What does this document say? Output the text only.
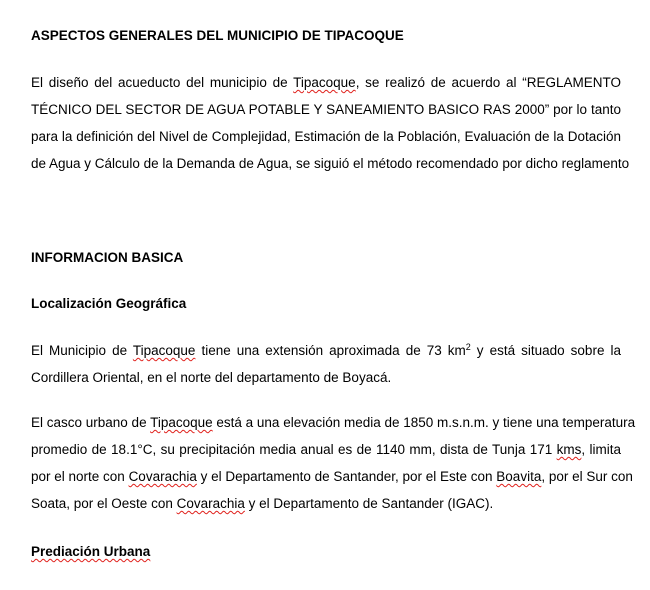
ASPECTOS GENERALES DEL MUNICIPIO DE TIPACOQUE
El diseño del acueducto del municipio de Tipacoque, se realizó de acuerdo al “REGLAMENTO
TÉCNICO DEL SECTOR DE AGUA POTABLE Y SANEAMIENTO BASICO RAS 2000” por lo tanto
para la definición del Nivel de Complejidad, Estimación de la Población, Evaluación de la Dotación
de Agua y Cálculo de la Demanda de Agua, se siguió el método recomendado por dicho reglamento
INFORMACION BASICA
Localización Geográfica
El Municipio de Tipacoque tiene una extensión aproximada de 73 $km^2$ y está situado sobre la
Cordillera Oriental, en el norte del departamento de Boyacá.
El casco urbano de Tipacoque está a una elevación media de 1850 m.s.n.m. y tiene una temperatura
promedio de 18.1°C, su precipitación media anual es de 1140 mm, dista de Tunja 171 kms, limita
por el norte con Covarachia y el Departamento de Santander, por el Este con Boavita, por el Sur con
Soata, por el Oeste con Covarachia y el Departamento de Santander (IGAC).
Prediación Urbana
